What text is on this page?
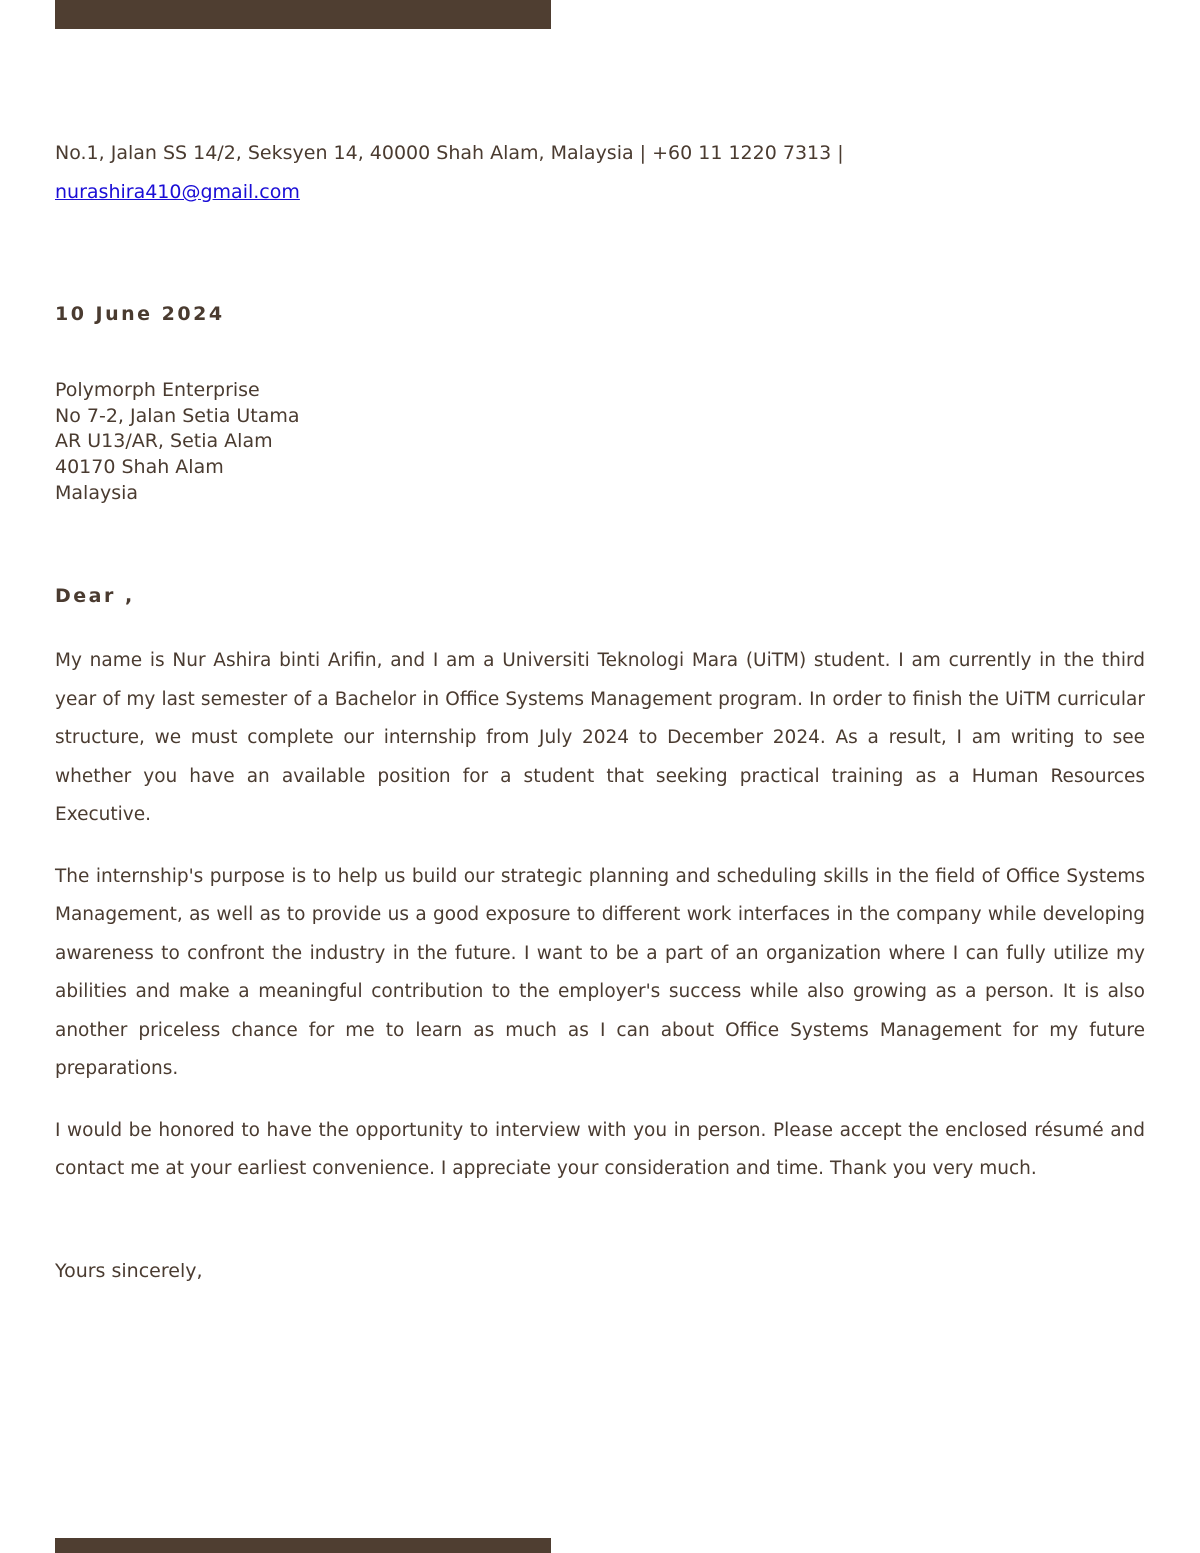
No.1, Jalan SS 14/2, Seksyen 14, 40000 Shah Alam, Malaysia | +60 11 1220 7313 |
nurashira410@gmail.com
10 June 2024
Polymorph Enterprise
No 7-2, Jalan Setia Utama
AR U13/AR, Setia Alam
40170 Shah Alam
Malaysia
Dear ,

My name is Nur Ashira binti Arifin, and I am a Universiti Teknologi Mara (UiTM) student. I am currently in the third year of my last semester of a Bachelor in Office Systems Management program. In order to finish the UiTM curricular structure, we must complete our internship from July 2024 to December 2024. As a result, I am writing to see whether you have an available position for a student that seeking practical training as a Human Resources Executive.

The internship's purpose is to help us build our strategic planning and scheduling skills in the field of Office Systems Management, as well as to provide us a good exposure to different work interfaces in the company while developing awareness to confront the industry in the future. I want to be a part of an organization where I can fully utilize my abilities and make a meaningful contribution to the employer's success while also growing as a person. It is also another priceless chance for me to learn as much as I can about Office Systems Management for my future preparations.

I would be honored to have the opportunity to interview with you in person. Please accept the enclosed résumé and contact me at your earliest convenience. I appreciate your consideration and time. Thank you very much.

Yours sincerely,
